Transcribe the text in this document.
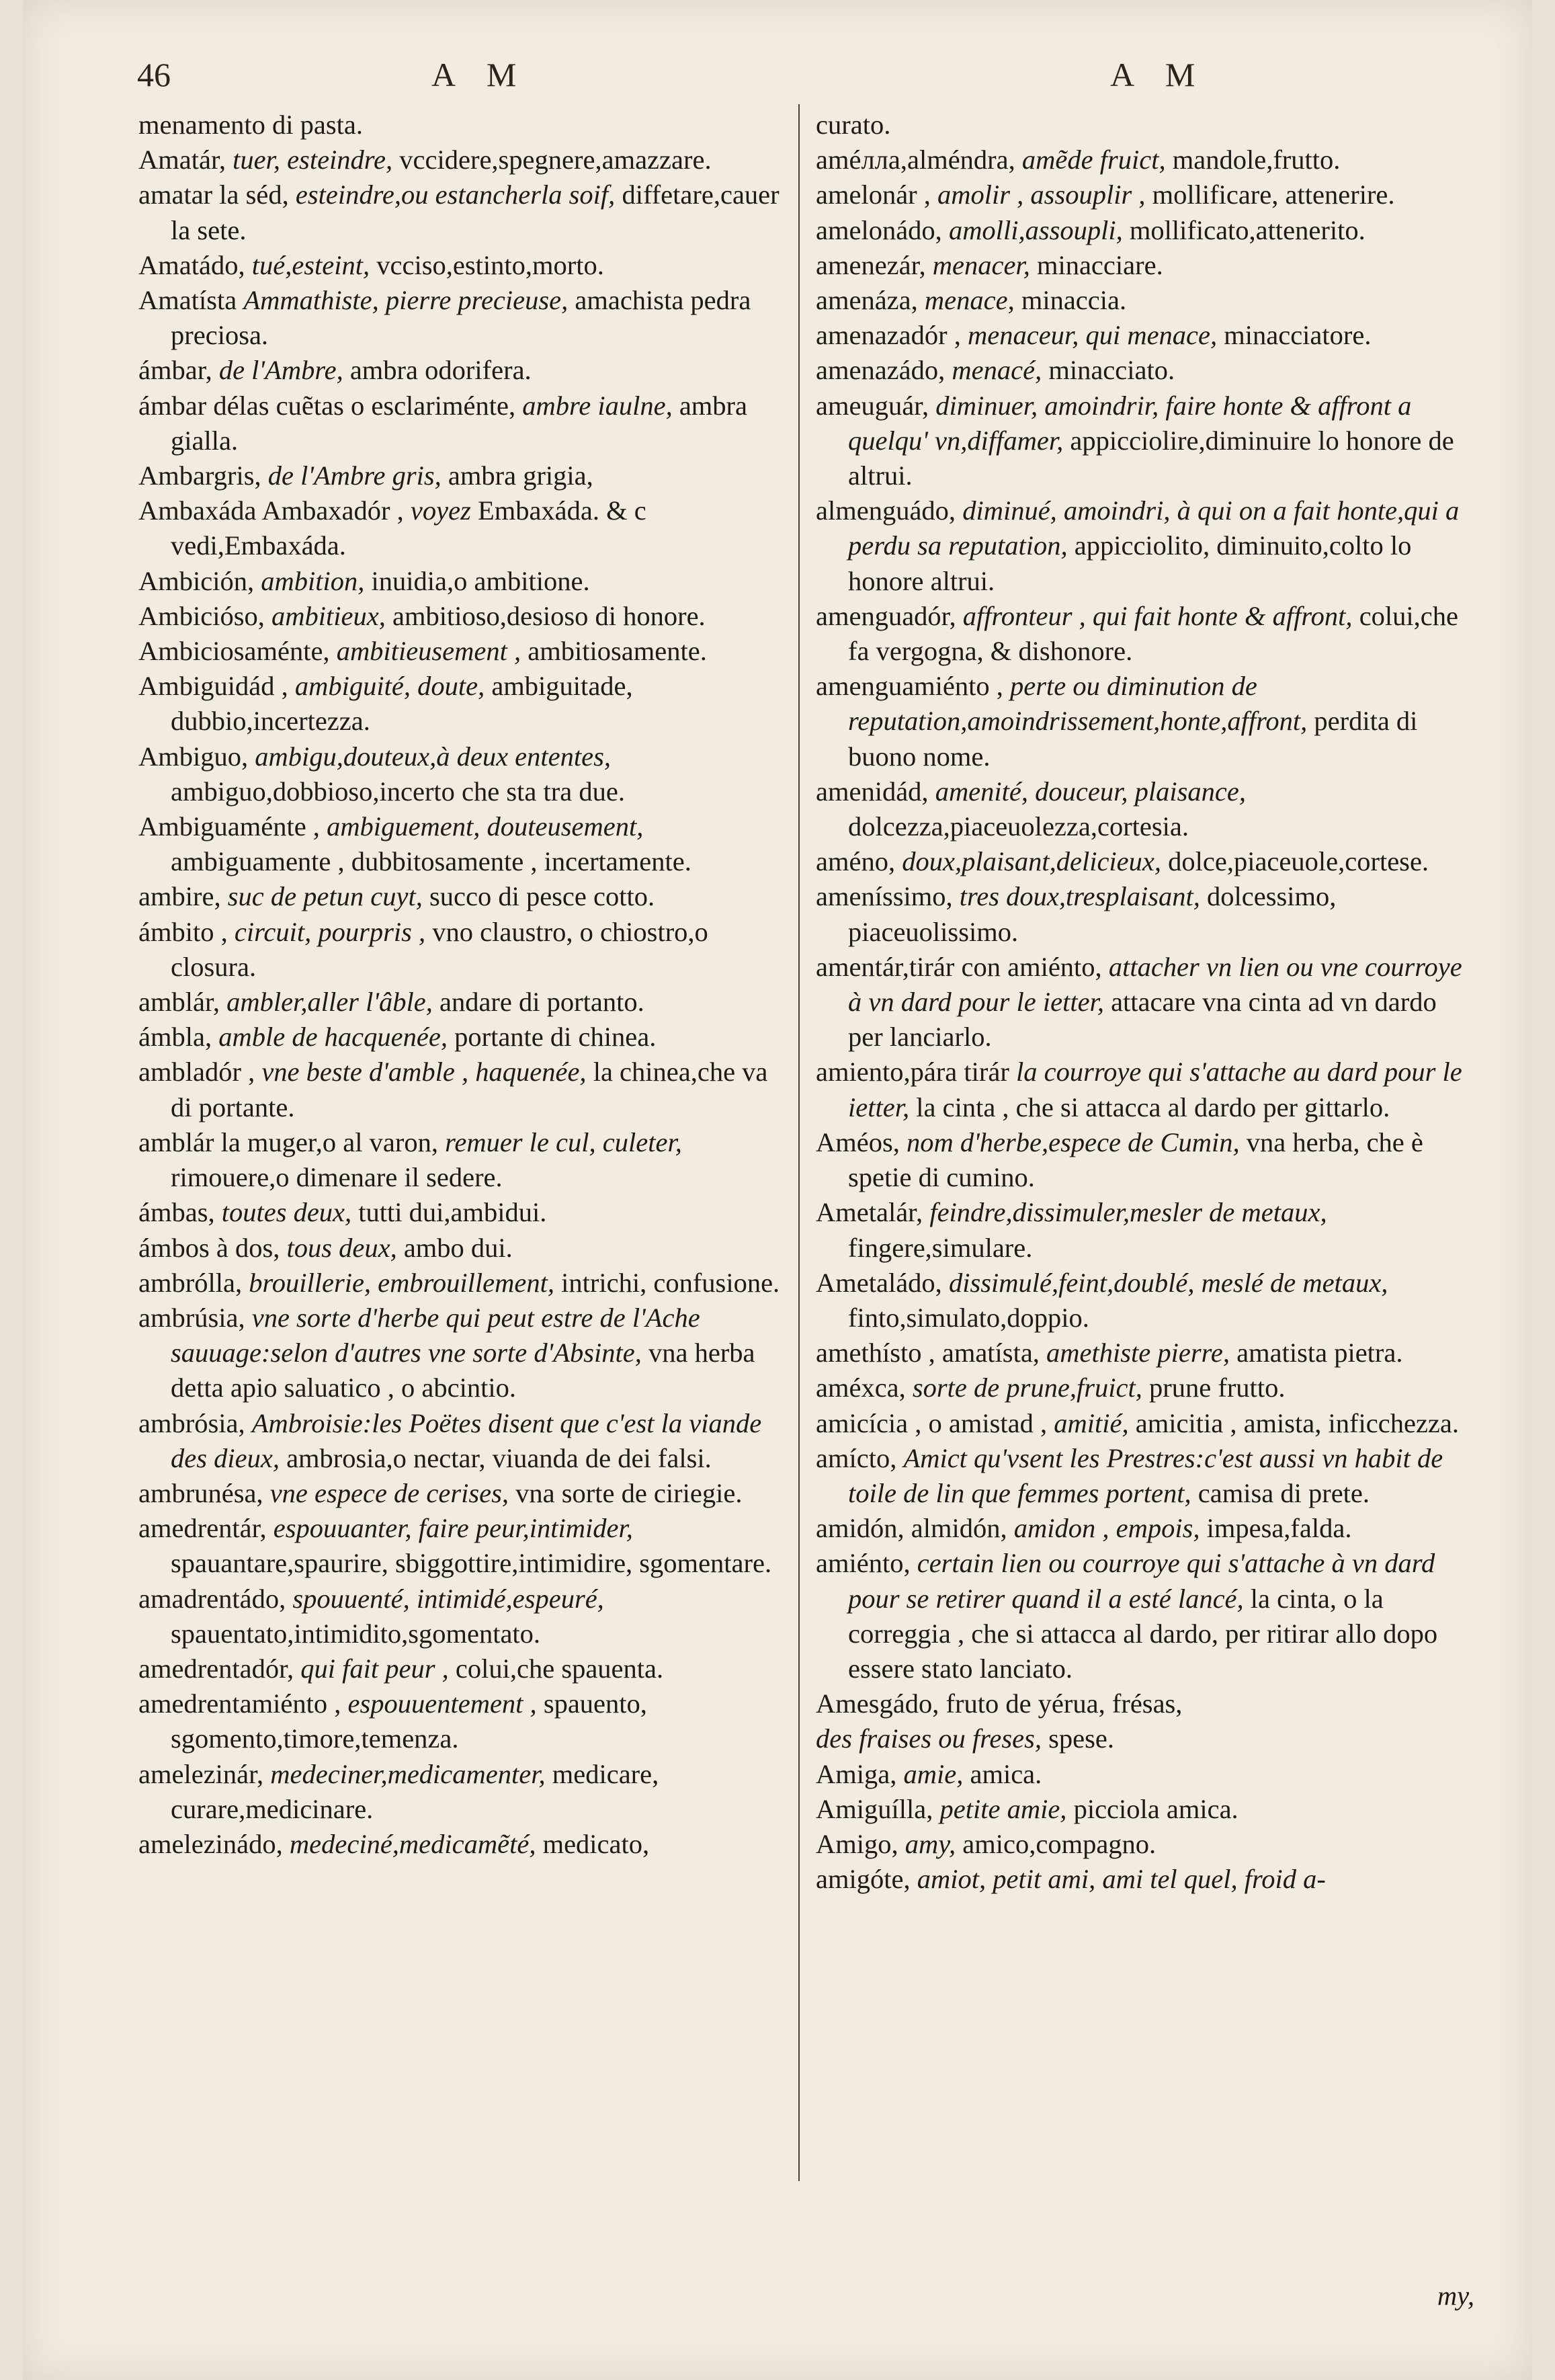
46	A M	A M

menamento di pasta.

Amatár, tuer, esteindre, vccidere,spegnere,amazzare.

amatar la séd, esteindre,ou estancherla soif, diffetare,cauer la sete.

Amatádo, tué,esteint, vcciso,estinto,morto.

Amatísta Ammathiste, pierre precieuse, amachista pedra preciosa.

ámbar, de l'Ambre, ambra odorifera.

ámbar délas cuẽtas o esclariménte, ambre iaulne, ambra gialla.

Ambargris, de l'Ambre gris, ambra grigia,

Ambaxáda Ambaxadór , voyez Embaxáda. & c vedi,Embaxáda.

Ambición, ambition, inuidia,o ambitione.

Ambicióso, ambitieux, ambitioso,desioso di honore.

Ambiciosaménte, ambitieusement , ambitiosamente.

Ambiguidád , ambiguité, doute, ambiguitade, dubbio,incertezza.

Ambiguo, ambigu,douteux,à deux ententes, ambiguo,dobbioso,incerto che sta tra due.

Ambiguaménte , ambiguement, douteusement, ambiguamente , dubbitosamente , incertamente.

ambire, suc de petun cuyt, succo di pesce cotto.

ámbito , circuit, pourpris , vno claustro, o chiostro,o closura.

amblár, ambler,aller l'âble, andare di portanto.

ámbla, amble de hacquenée, portante di chinea.

ambladór , vne beste d'amble , haquenée, la chinea,che va di portante.

amblár la muger,o al varon, remuer le cul, culeter, rimouere,o dimenare il sedere.

ámbas, toutes deux, tutti dui,ambidui.

ámbos à dos, tous deux, ambo dui.

ambrólla, brouillerie, embrouillement, intrichi, confusione.

ambrúsia, vne sorte d'herbe qui peut estre de l'Ache sauuage:selon d'autres vne sorte d'Absinte, vna herba detta apio saluatico , o abcintio.

ambrósia, Ambroisie:les Poëtes disent que c'est la viande des dieux, ambrosia,o nectar, viuanda de dei falsi.

ambrunésa, vne espece de cerises, vna sorte de ciriegie.

amedrentár, espouuanter, faire peur,intimider, spauantare,spaurire, sbiggottire,intimidire, sgomentare.

amadrentádo, spouuenté, intimidé,espeuré, spauentato,intimidito,sgomentato.

amedrentadór, qui fait peur , colui,che spauenta.

amedrentamiénto , espouuentement , spauento, sgomento,timore,temenza.

amelezinár, medeciner,medicamenter, medicare, curare,medicinare.

amelezinádo, medeciné,medicamẽté, medicato,

curato.

améлла,alméndra, amẽde fruict, mandole,frutto.

amelonár , amolir , assouplir , mollificare, attenerire.

amelonádo, amolli,assoupli, mollificato,attenerito.

amenezár, menacer, minacciare.

amenáza, menace, minaccia.

amenazadór , menaceur, qui menace, minacciatore.

amenazádo, menacé, minacciato.

ameuguár, diminuer, amoindrir, faire honte & affront a quelqu' vn,diffamer, appicciolire,diminuire lo honore de altrui.

almenguádo, diminué, amoindri, à qui on a fait honte,qui a perdu sa reputation, appicciolito, diminuito,colto lo honore altrui.

amenguadór, affronteur , qui fait honte & affront, colui,che fa vergogna, & dishonore.

amenguamiénto , perte ou diminution de reputation,amoindrissement,honte,affront, perdita di buono nome.

amenidád, amenité, douceur, plaisance, dolcezza,piaceuolezza,cortesia.

améno, doux,plaisant,delicieux, dolce,piaceuole,cortese.

ameníssimo, tres doux,tresplaisant, dolcessimo, piaceuolissimo.

amentár,tirár con amiénto, attacher vn lien ou vne courroye à vn dard pour le ietter, attacare vna cinta ad vn dardo per lanciarlo.

amiento,pára tirár la courroye qui s'attache au dard pour le ietter, la cinta , che si attacca al dardo per gittarlo.

Améos, nom d'herbe,espece de Cumin, vna herba, che è spetie di cumino.

Ametalár, feindre,dissimuler,mesler de metaux, fingere,simulare.

Ametaládo, dissimulé,feint,doublé, meslé de metaux, finto,simulato,doppio.

amethísto , amatísta, amethiste pierre, amatista pietra.

améxca, sorte de prune,fruict, prune frutto.

amicícia , o amistad , amitié, amicitia , amista, inficchezza.

amícto, Amict qu'vsent les Prestres:c'est aussi vn habit de toile de lin que femmes portent, camisa di prete.

amidón, almidón, amidon , empois, impesa,falda.

amiénto, certain lien ou courroye qui s'attache à vn dard pour se retirer quand il a esté lancé, la cinta, o la correggia , che si attacca al dardo, per ritirar allo dopo essere stato lanciato.

Amesgádo, fruto de yérua, frésas,

des fraises ou freses, spese.

Amiga, amie, amica.

Amiguílla, petite amie, picciola amica.

Amigo, amy, amico,compagno.

amigóte, amiot, petit ami, ami tel quel, froid a-

my,
